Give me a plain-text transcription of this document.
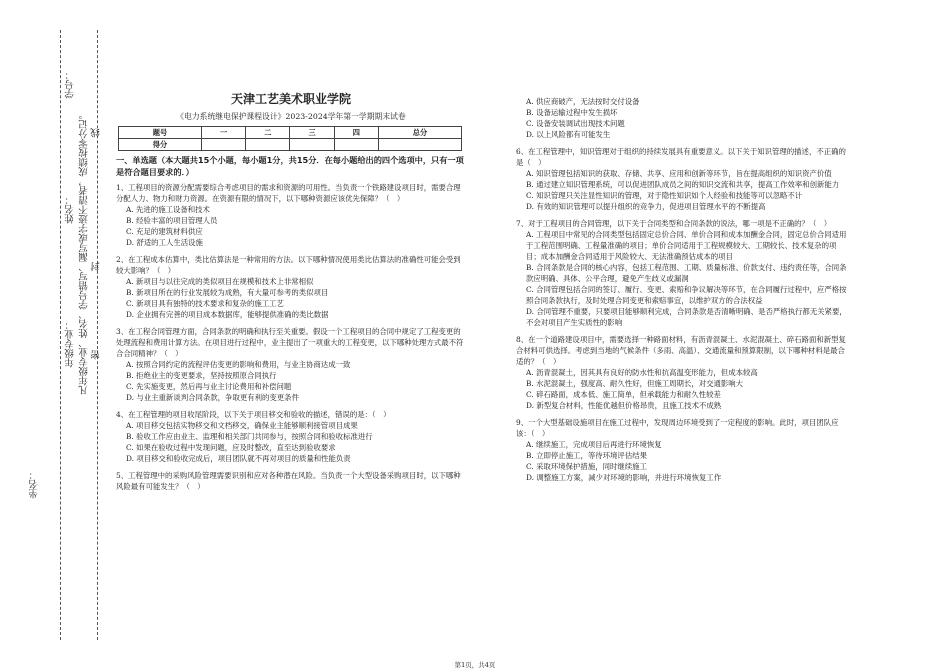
学号：
姓名： 凡年级专业、姓名、学号错写、漏写或字迹不清者，成绩按零分记。 线
封
密
年级专业：
坐名：
天津工艺美术职业学院
《电力系统继电保护课程设计》2023-2024学年第一学期期末试卷
题号	一	二	三	四	总分
得分					
一、单选题（本大题共15个小题，每小题1分，共15分．在每小题给出的四个选项中，只有一项是符合题目要求的．）
1、工程项目的资源分配需要综合考虑项目的需求和资源的可用性。当负责一个铁路建设项目时，需要合理分配人力、物力和财力资源。在资源有限的情况下，以下哪种资源应该优先保障？（　）
A. 先进的施工设备和技术
B. 经验丰富的项目管理人员
C. 充足的建筑材料供应
D. 舒适的工人生活设施
2、在工程成本估算中，类比估算法是一种常用的方法。以下哪种情况使用类比估算法的准确性可能会受到较大影响？（　）
A. 新项目与以往完成的类似项目在规模和技术上非常相似
B. 新项目所在的行业发展较为成熟，有大量可参考的类似项目
C. 新项目具有独特的技术要求和复杂的施工工艺
D. 企业拥有完善的项目成本数据库，能够提供准确的类比数据
3、在工程合同管理方面，合同条款的明确和执行至关重要。假设一个工程项目的合同中规定了工程变更的处理流程和费用计算方法。在项目进行过程中，业主提出了一项重大的工程变更，以下哪种处理方式最不符合合同精神？（　）
A. 按照合同约定的流程评估变更的影响和费用，与业主协商达成一致
B. 拒绝业主的变更要求，坚持按照原合同执行
C. 先实施变更，然后再与业主讨论费用和补偿问题
D. 与业主重新谈判合同条款，争取更有利的变更条件
4、在工程管理的项目收尾阶段，以下关于项目移交和验收的描述，错误的是：（　）
A. 项目移交包括实物移交和文档移交，确保业主能够顺利接管项目成果
B. 验收工作应由业主、监理和相关部门共同参与，按照合同和验收标准进行
C. 如果在验收过程中发现问题，应及时整改，直至达到验收要求
D. 项目移交和验收完成后，项目团队就不再对项目的质量和性能负责
5、工程管理中的采购风险管理需要识别和应对各种潜在风险。当负责一个大型设备采购项目时，以下哪种风险最有可能发生？（　）
A. 供应商破产，无法按时交付设备
B. 设备运输过程中发生损坏
C. 设备安装调试出现技术问题
D. 以上风险都有可能发生
6、在工程管理中，知识管理对于组织的持续发展具有重要意义。以下关于知识管理的描述，不正确的是（　）
A. 知识管理包括知识的获取、存储、共享、应用和创新等环节，旨在提高组织的知识资产价值
B. 通过建立知识管理系统，可以促进团队成员之间的知识交流和共享，提高工作效率和创新能力
C. 知识管理只关注显性知识的管理，对于隐性知识如个人经验和技能等可以忽略不计
D. 有效的知识管理可以提升组织的竞争力，促进项目管理水平的不断提高
7、对于工程项目的合同管理，以下关于合同类型和合同条款的说法，哪一项是不正确的？（　）
A. 工程项目中常见的合同类型包括固定总价合同、单价合同和成本加酬金合同，固定总价合同适用于工程范围明确、工程量准确的项目；单价合同适用于工程规模较大、工期较长、技术复杂的项目；成本加酬金合同适用于风险较大、无法准确预估成本的项目
B. 合同条款是合同的核心内容，包括工程范围、工期、质量标准、价款支付、违约责任等，合同条款应明确、具体、公平合理，避免产生歧义或漏洞
C. 合同管理包括合同的签订、履行、变更、索赔和争议解决等环节，在合同履行过程中，应严格按照合同条款执行，及时处理合同变更和索赔事宜，以维护双方的合法权益
D. 合同管理不重要，只要项目能够顺利完成，合同条款是否清晰明确、是否严格执行都无关紧要，不会对项目产生实质性的影响
8、在一个道路建设项目中，需要选择一种路面材料，有沥青混凝土、水泥混凝土、碎石路面和新型复合材料可供选择。考虑到当地的气候条件（多雨、高温）、交通流量和预算限制，以下哪种材料是最合适的？（　）
A. 沥青混凝土，因其具有良好的防水性和抗高温变形能力，但成本较高
B. 水泥混凝土，强度高、耐久性好，但施工周期长，对交通影响大
C. 碎石路面，成本低、施工简单，但承载能力和耐久性较差
D. 新型复合材料，性能优越但价格昂贵，且施工技术不成熟
9、一个大型基础设施项目在施工过程中，发现周边环境受到了一定程度的影响。此时，项目团队应该：（　）
A. 继续施工，完成项目后再进行环境恢复
B. 立即停止施工，等待环境评估结果
C. 采取环境保护措施，同时继续施工
D. 调整施工方案，减少对环境的影响，并进行环境恢复工作
第1页，共4页
